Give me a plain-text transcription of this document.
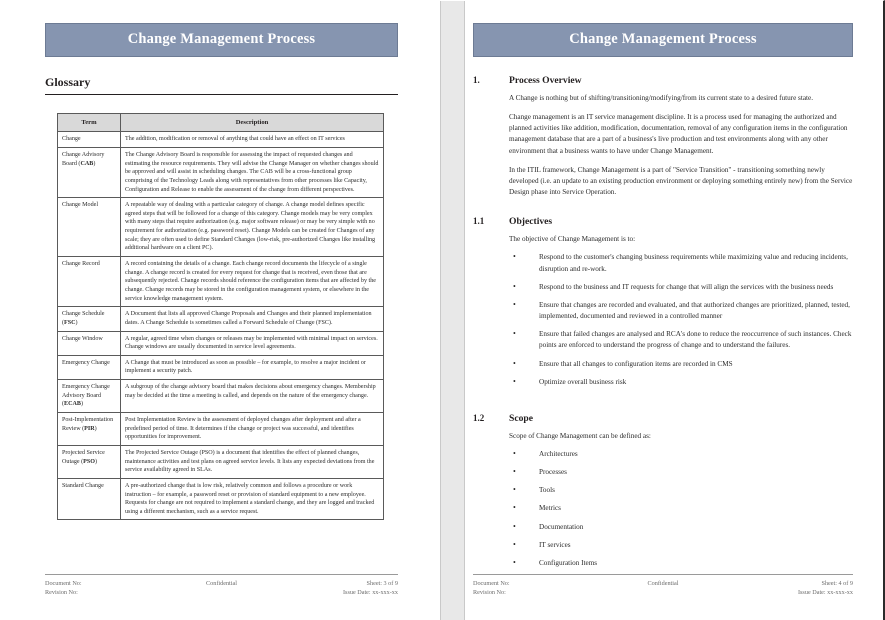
Change Management Process
Glossary
Term	Description
Change	The addition, modification or removal of anything that could have an effect on IT services
Change Advisory Board (CAB)	The Change Advisory Board is responsible for assessing the impact of requested changes and estimating the resource requirements. They will advise the Change Manager on whether changes should be approved and will assist in scheduling changes. The CAB will be a cross-functional group comprising of the Technology Leads along with representatives from other processes like Capacity, Configuration and Release to enable the assessment of the change from different perspectives.
Change Model	A repeatable way of dealing with a particular category of change. A change model defines specific agreed steps that will be followed for a change of this category. Change models may be very complex with many steps that require authorization (e.g. major software release) or may be very simple with no requirement for authorization (e.g. password reset). Change Models can be created for Changes of any scale; they are often used to define Standard Changes (low-risk, pre-authorized Changes like installing additional hardware on a client PC).
Change Record	A record containing the details of a change. Each change record documents the lifecycle of a single change. A change record is created for every request for change that is received, even those that are subsequently rejected. Change records should reference the configuration items that are affected by the change. Change records may be stored in the configuration management system, or elsewhere in the service knowledge management system.
Change Schedule (FSC)	A Document that lists all approved Change Proposals and Changes and their planned implementation dates. A Change Schedule is sometimes called a Forward Schedule of Change (FSC).
Change Window	A regular, agreed time when changes or releases may be implemented with minimal impact on services. Change windows are usually documented in service level agreements.
Emergency Change	A Change that must be introduced as soon as possible – for example, to resolve a major incident or implement a security patch.
Emergency Change Advisory Board (ECAB)	A subgroup of the change advisory board that makes decisions about emergency changes. Membership may be decided at the time a meeting is called, and depends on the nature of the emergency change.
Post-Implementation Review (PIR)	Post Implementation Review is the assessment of deployed changes after deployment and after a predefined period of time. It determines if the change or project was successful, and identifies opportunities for improvement.
Projected Service Outage (PSO)	The Projected Service Outage (PSO) is a document that identifies the effect of planned changes, maintenance activities and test plans on agreed service levels. It lists any expected deviations from the service availability agreed in SLAs.
Standard Change	A pre-authorized change that is low risk, relatively common and follows a procedure or work instruction – for example, a password reset or provision of standard equipment to a new employee. Requests for change are not required to implement a standard change, and they are logged and tracked using a different mechanism, such as a service request.
Document No:	Confidential	Sheet: 3 of 9
Revision No:	Issue Date: xx-xxx-xx
Change Management Process
1.	Process Overview

A Change is nothing but of shifting/transitioning/modifying/from its current state to a desired future state.

Change management is an IT service management discipline. It is a process used for managing the authorized and planned activities like addition, modification, documentation, removal of any configuration items in the configuration management database that are a part of a business's live production and test environments along with any other environment that a business wants to have under Change Management.

In the ITIL framework, Change Management is a part of "Service Transition" - transitioning something newly developed (i.e. an update to an existing production environment or deploying something entirely new) from the Service Design phase into Service Operation.

1.1	Objectives

The objective of Change Management is to:

• Respond to the customer's changing business requirements while maximizing value and reducing incidents, disruption and re-work.
• Respond to the business and IT requests for change that will align the services with the business needs
• Ensure that changes are recorded and evaluated, and that authorized changes are prioritized, planned, tested, implemented, documented and reviewed in a controlled manner
• Ensure that failed changes are analysed and RCA's done to reduce the reoccurrence of such instances. Check points are enforced to understand the progress of change and to understand the failures.
• Ensure that all changes to configuration items are recorded in CMS
• Optimize overall business risk
1.2	Scope

Scope of Change Management can be defined as:

• Architectures
• Processes
• Tools
• Metrics
• Documentation
• IT services
• Configuration Items
Document No:	Confidential	Sheet: 4 of 9
Revision No:	Issue Date: xx-xxx-xx
